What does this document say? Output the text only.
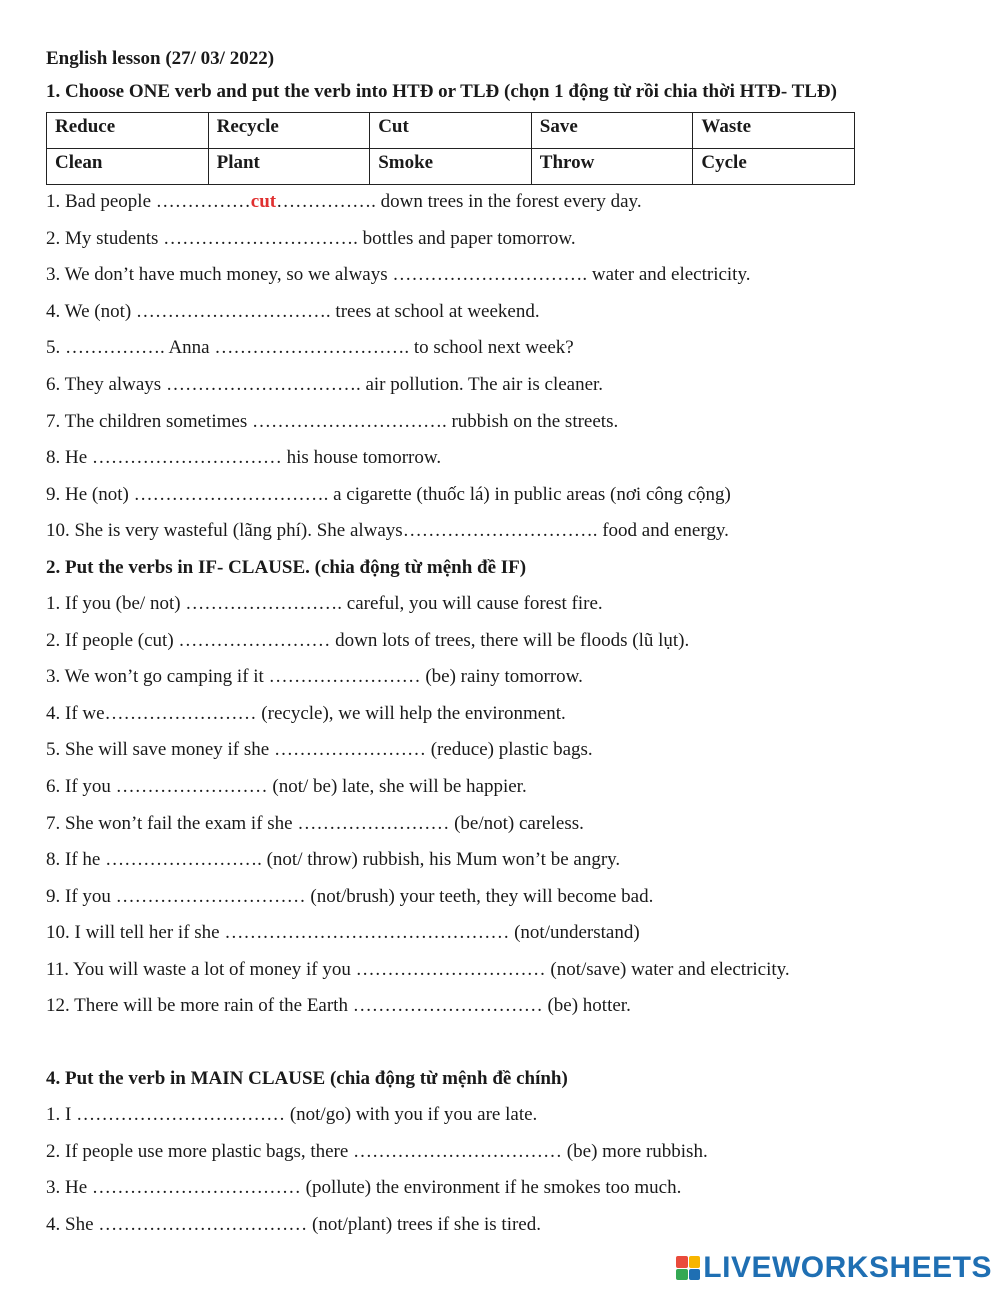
English lesson (27/ 03/ 2022)
1. Choose ONE verb and put the verb into HTĐ or TLĐ (chọn 1 động từ rồi chia thời HTĐ- TLĐ)
Reduce	Recycle	Cut	Save	Waste
Clean	Plant	Smoke	Throw	Cycle
1. Bad people ……………cut……………. down trees in the forest every day.
2. My students …………………………. bottles and paper tomorrow.
3. We don’t have much money, so we always …………………………. water and electricity.
4. We (not) …………………………. trees at school at weekend.
5. ……………. Anna …………………………. to school next week?
6. They always …………………………. air pollution. The air is cleaner.
7. The children sometimes …………………………. rubbish on the streets.
8. He ………………………… his house tomorrow.
9. He (not) …………………………. a cigarette (thuốc lá) in public areas (nơi công cộng)
10. She is very wasteful (lãng phí). She always…………………………. food and energy.
2. Put the verbs in IF- CLAUSE. (chia động từ mệnh đề IF)
1. If you (be/ not) ……………………. careful, you will cause forest fire.
2. If people (cut) …………………… down lots of trees, there will be floods (lũ lụt).
3. We won’t go camping if it …………………… (be) rainy tomorrow.
4. If we…………………… (recycle), we will help the environment.
5. She will save money if she …………………… (reduce) plastic bags.
6. If you …………………… (not/ be) late, she will be happier.
7. She won’t fail the exam if she …………………… (be/not) careless.
8. If he ……………………. (not/ throw) rubbish, his Mum won’t be angry.
9. If you ………………………… (not/brush) your teeth, they will become bad.
10. I will tell her if she ……………………………………… (not/understand)
11. You will waste a lot of money if you ………………………… (not/save) water and electricity.
12. There will be more rain of the Earth ………………………… (be) hotter.
4. Put the verb in MAIN CLAUSE (chia động từ mệnh đề chính)
1. I …………………………… (not/go) with you if you are late.
2. If people use more plastic bags, there …………………………… (be) more rubbish.
3. He …………………………… (pollute) the environment if he smokes too much.
4. She …………………………… (not/plant) trees if she is tired.
LIVEWORKSHEETS
